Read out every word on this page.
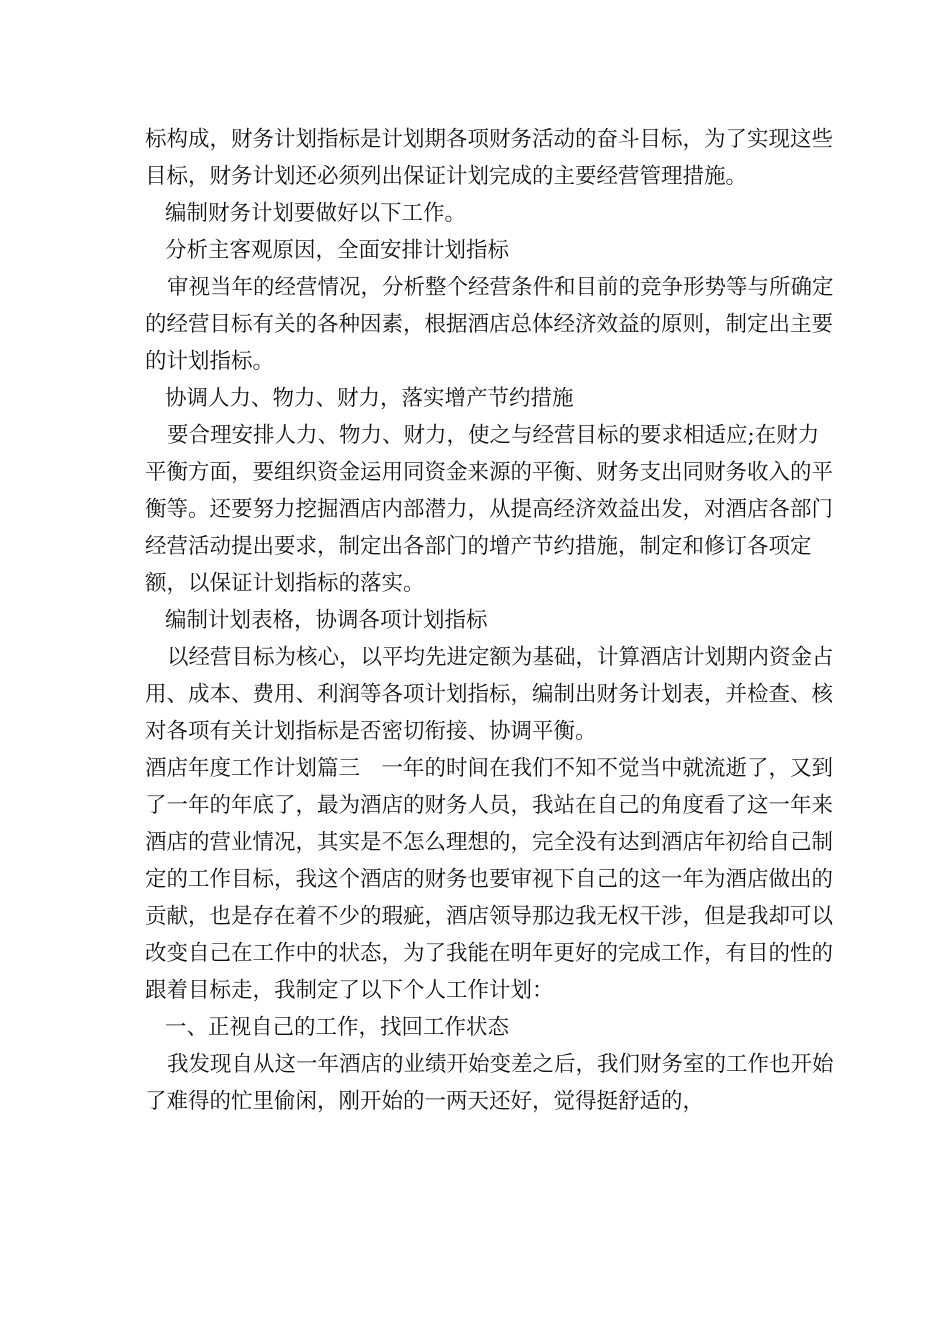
标构成，财务计划指标是计划期各项财务活动的奋斗目标，为了实现这些目标，财务计划还必须列出保证计划完成的主要经营管理措施。

编制财务计划要做好以下工作。

分析主客观原因，全面安排计划指标

审视当年的经营情况，分析整个经营条件和目前的竞争形势等与所确定的经营目标有关的各种因素，根据酒店总体经济效益的原则，制定出主要的计划指标。

协调人力、物力、财力，落实增产节约措施

要合理安排人力、物力、财力，使之与经营目标的要求相适应;在财力平衡方面，要组织资金运用同资金来源的平衡、财务支出同财务收入的平衡等。还要努力挖掘酒店内部潜力，从提高经济效益出发，对酒店各部门经营活动提出要求，制定出各部门的增产节约措施，制定和修订各项定额，以保证计划指标的落实。

编制计划表格，协调各项计划指标

以经营目标为核心，以平均先进定额为基础，计算酒店计划期内资金占用、成本、费用、利润等各项计划指标，编制出财务计划表，并检查、核对各项有关计划指标是否密切衔接、协调平衡。

酒店年度工作计划篇三　一年的时间在我们不知不觉当中就流逝了，又到了一年的年底了，最为酒店的财务人员，我站在自己的角度看了这一年来酒店的营业情况，其实是不怎么理想的，完全没有达到酒店年初给自己制定的工作目标，我这个酒店的财务也要审视下自己的这一年为酒店做出的贡献，也是存在着不少的瑕疵，酒店领导那边我无权干涉，但是我却可以改变自己在工作中的状态，为了我能在明年更好的完成工作，有目的性的跟着目标走，我制定了以下个人工作计划：

一、正视自己的工作，找回工作状态

我发现自从这一年酒店的业绩开始变差之后，我们财务室的工作也开始了难得的忙里偷闲，刚开始的一两天还好，觉得挺舒适的，
